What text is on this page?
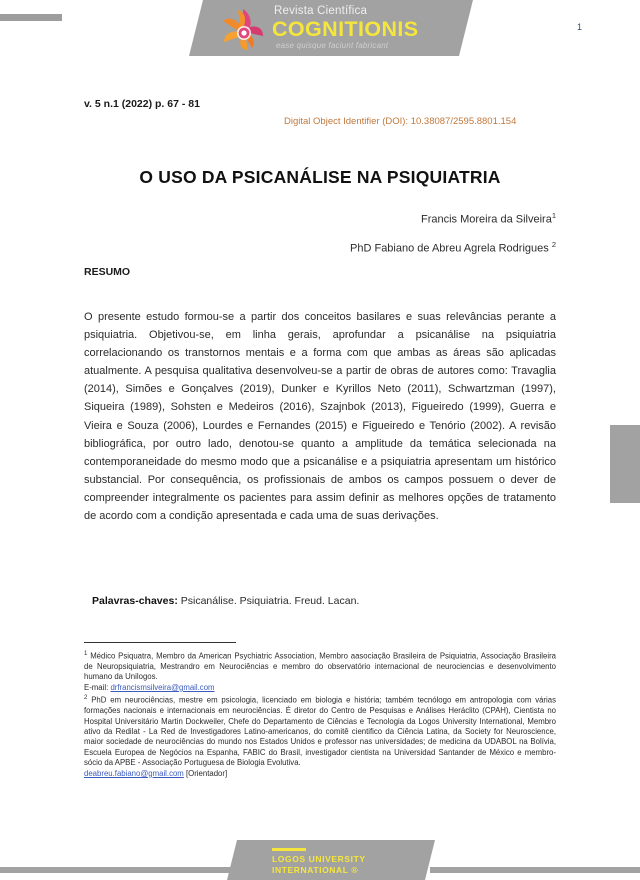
Revista Científica
COGNITIONIS
ease quisque faciunt fabricant
1
v. 5 n.1 (2022) p. 67 - 81
Digital Object Identifier (DOI): 10.38087/2595.8801.154
O USO DA PSICANÁLISE NA PSIQUIATRIA
Francis Moreira da Silveira$^1$
PhD Fabiano de Abreu Agrela Rodrigues $^2$
RESUMO
O presente estudo formou-se a partir dos conceitos basilares e suas relevâncias perante a psiquiatria. Objetivou-se, em linha gerais, aprofundar a psicanálise na psiquiatria correlacionando os transtornos mentais e a forma com que ambas as áreas são aplicadas atualmente. A pesquisa qualitativa desenvolveu-se a partir de obras de autores como: Travaglia (2014), Simões e Gonçalves (2019), Dunker e Kyrillos Neto (2011), Schwartzman (1997), Siqueira (1989), Sohsten e Medeiros (2016), Szajnbok (2013), Figueiredo (1999), Guerra e Vieira e Souza (2006), Lourdes e Fernandes (2015) e Figueiredo e Tenório (2002). A revisão bibliográfica, por outro lado, denotou-se quanto a amplitude da temática selecionada na contemporaneidade do mesmo modo que a psicanálise e a psiquiatria apresentam um histórico substancial. Por consequência, os profissionais de ambos os campos possuem o dever de compreender integralmente os pacientes para assim definir as melhores opções de tratamento de acordo com a condição apresentada e cada uma de suas derivações.
Palavras-chaves: Psicanálise. Psiquiatria. Freud. Lacan.

$^1$ Médico Psiquatra, Membro da American Psychiatric Association, Membro aasociação Brasileira de Psiquiatria, Associação Brasileira de Neuropsiquiatria, Mestrandro em Neurociências e membro do observatório internacional de neurociencias e desenvolvimento humano da Unilogos.
E-mail: drfrancismsilveira@gmail.com

$^2$ PhD em neurociências, mestre em psicologia, licenciado em biologia e história; também tecnólogo em antropologia com várias formações nacionais e internacionais em neurociências. É diretor do Centro de Pesquisas e Análises Heráclito (CPAH), Cientista no Hospital Universitário Martin Dockweiler, Chefe do Departamento de Ciências e Tecnologia da Logos University International, Membro ativo da Redilat - La Red de Investigadores Latino-americanos, do comitê cientifico da Ciência Latina, da Society for Neuroscience, maior sociedade de neurociências do mundo nos Estados Unidos e professor nas universidades; de medicina da UDABOL na Bolívia, Escuela Europea de Negócios na Espanha, FABIC do Brasil, investigador cientista na Universidad Santander de México e membro-sócio da APBE - Associação Portuguesa de Biologia Evolutiva.
deabreu.fabiano@gmail.com [Orientador]

LOGOS UNIVERSITY
INTERNATIONAL ®
